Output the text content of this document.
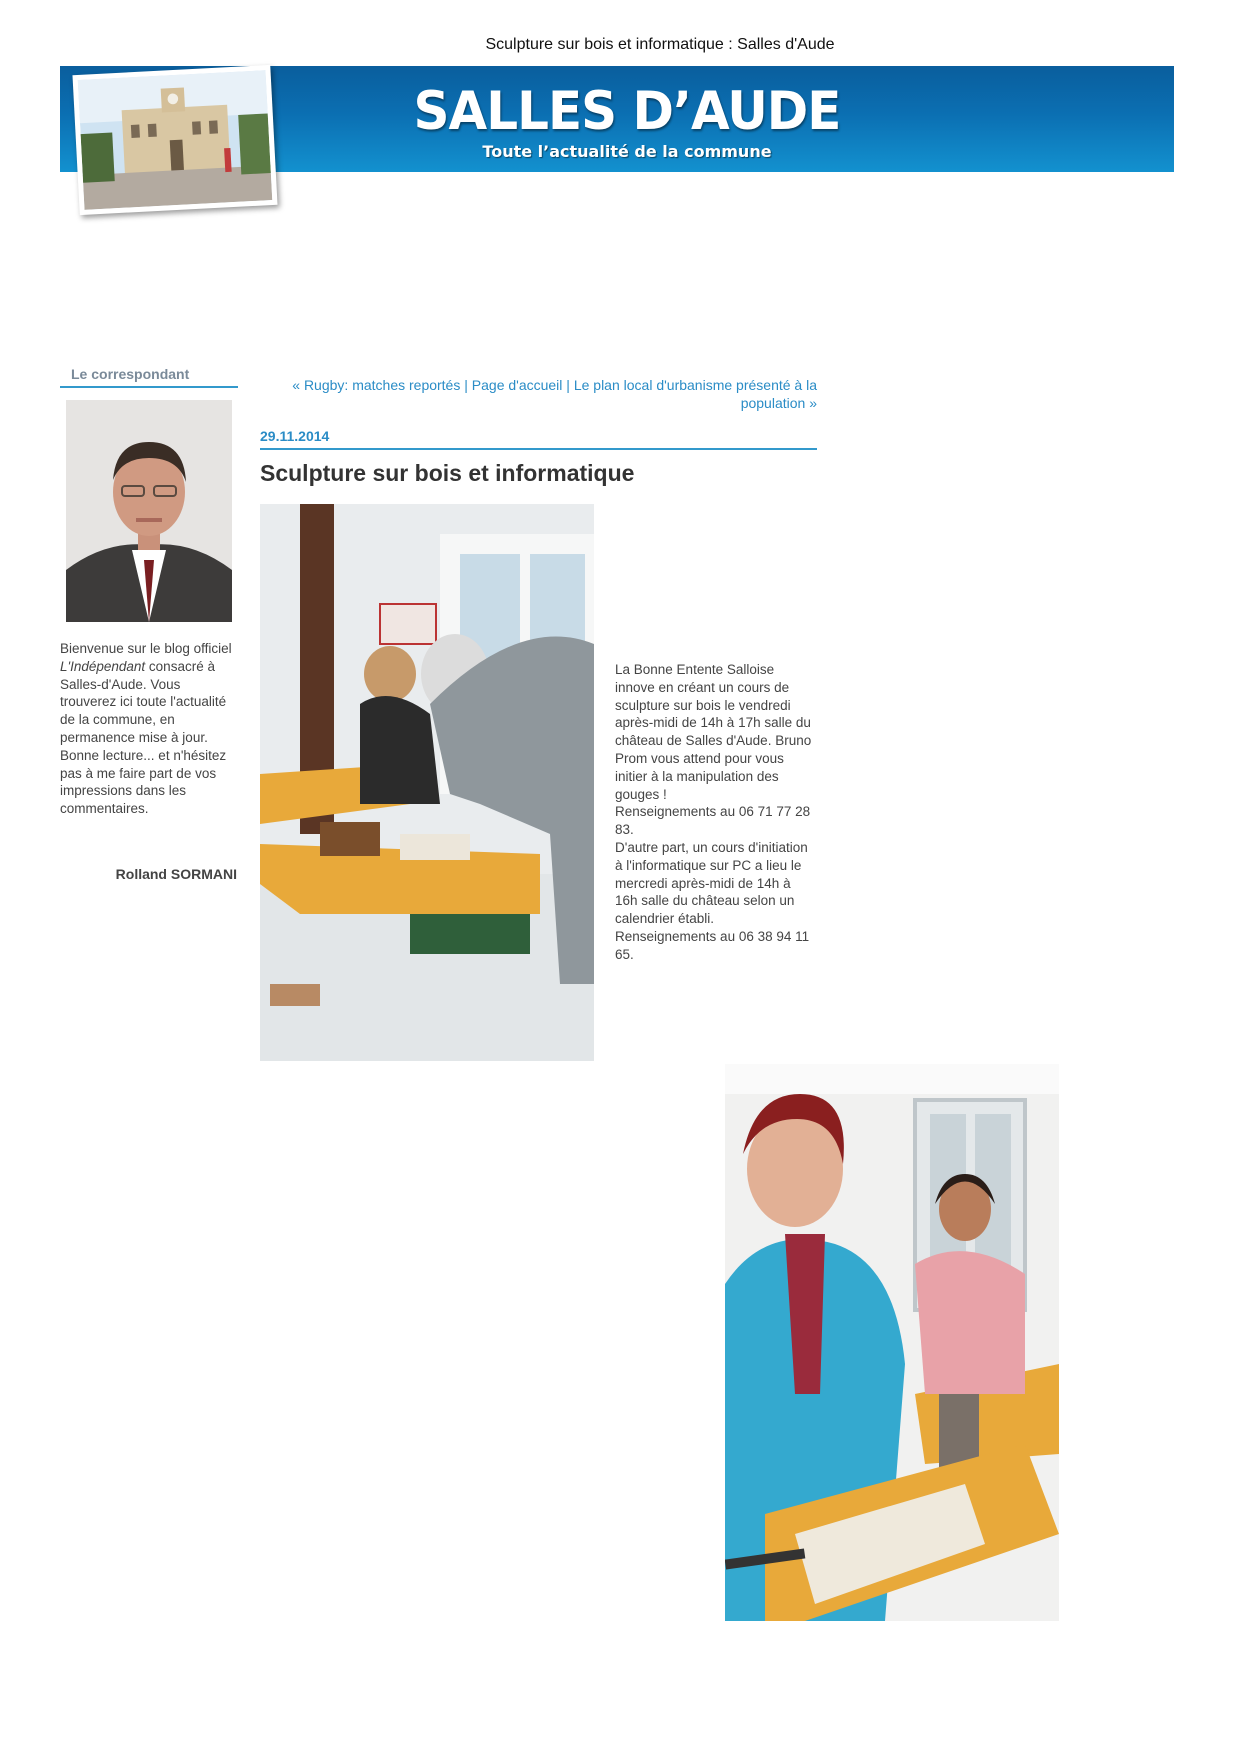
Sculpture sur bois et informatique : Salles d'Aude
SALLES D’AUDE
Toute l’actualité de la commune
Le correspondant
Bienvenue sur le blog officiel L'Indépendant consacré à Salles-d'Aude. Vous trouverez ici toute l'actualité de la commune, en permanence mise à jour. Bonne lecture... et n'hésitez pas à me faire part de vos impressions dans les commentaires.
Rolland SORMANI
« Rugby: matches reportés | Page d'accueil | Le plan local d'urbanisme présenté à la population »
29.11.2014
Sculpture sur bois et informatique

La Bonne Entente Salloise innove en créant un cours de sculpture sur bois le vendredi après-midi de 14h à 17h salle du château de Salles d'Aude. Bruno Prom vous attend pour vous initier à la manipulation des gouges !

Renseignements au 06 71 77 28 83.

D'autre part, un cours d'initiation à l'informatique sur PC a lieu le mercredi après-midi de 14h à 16h salle du château selon un calendrier établi.

Renseignements au 06 38 94 11 65.
